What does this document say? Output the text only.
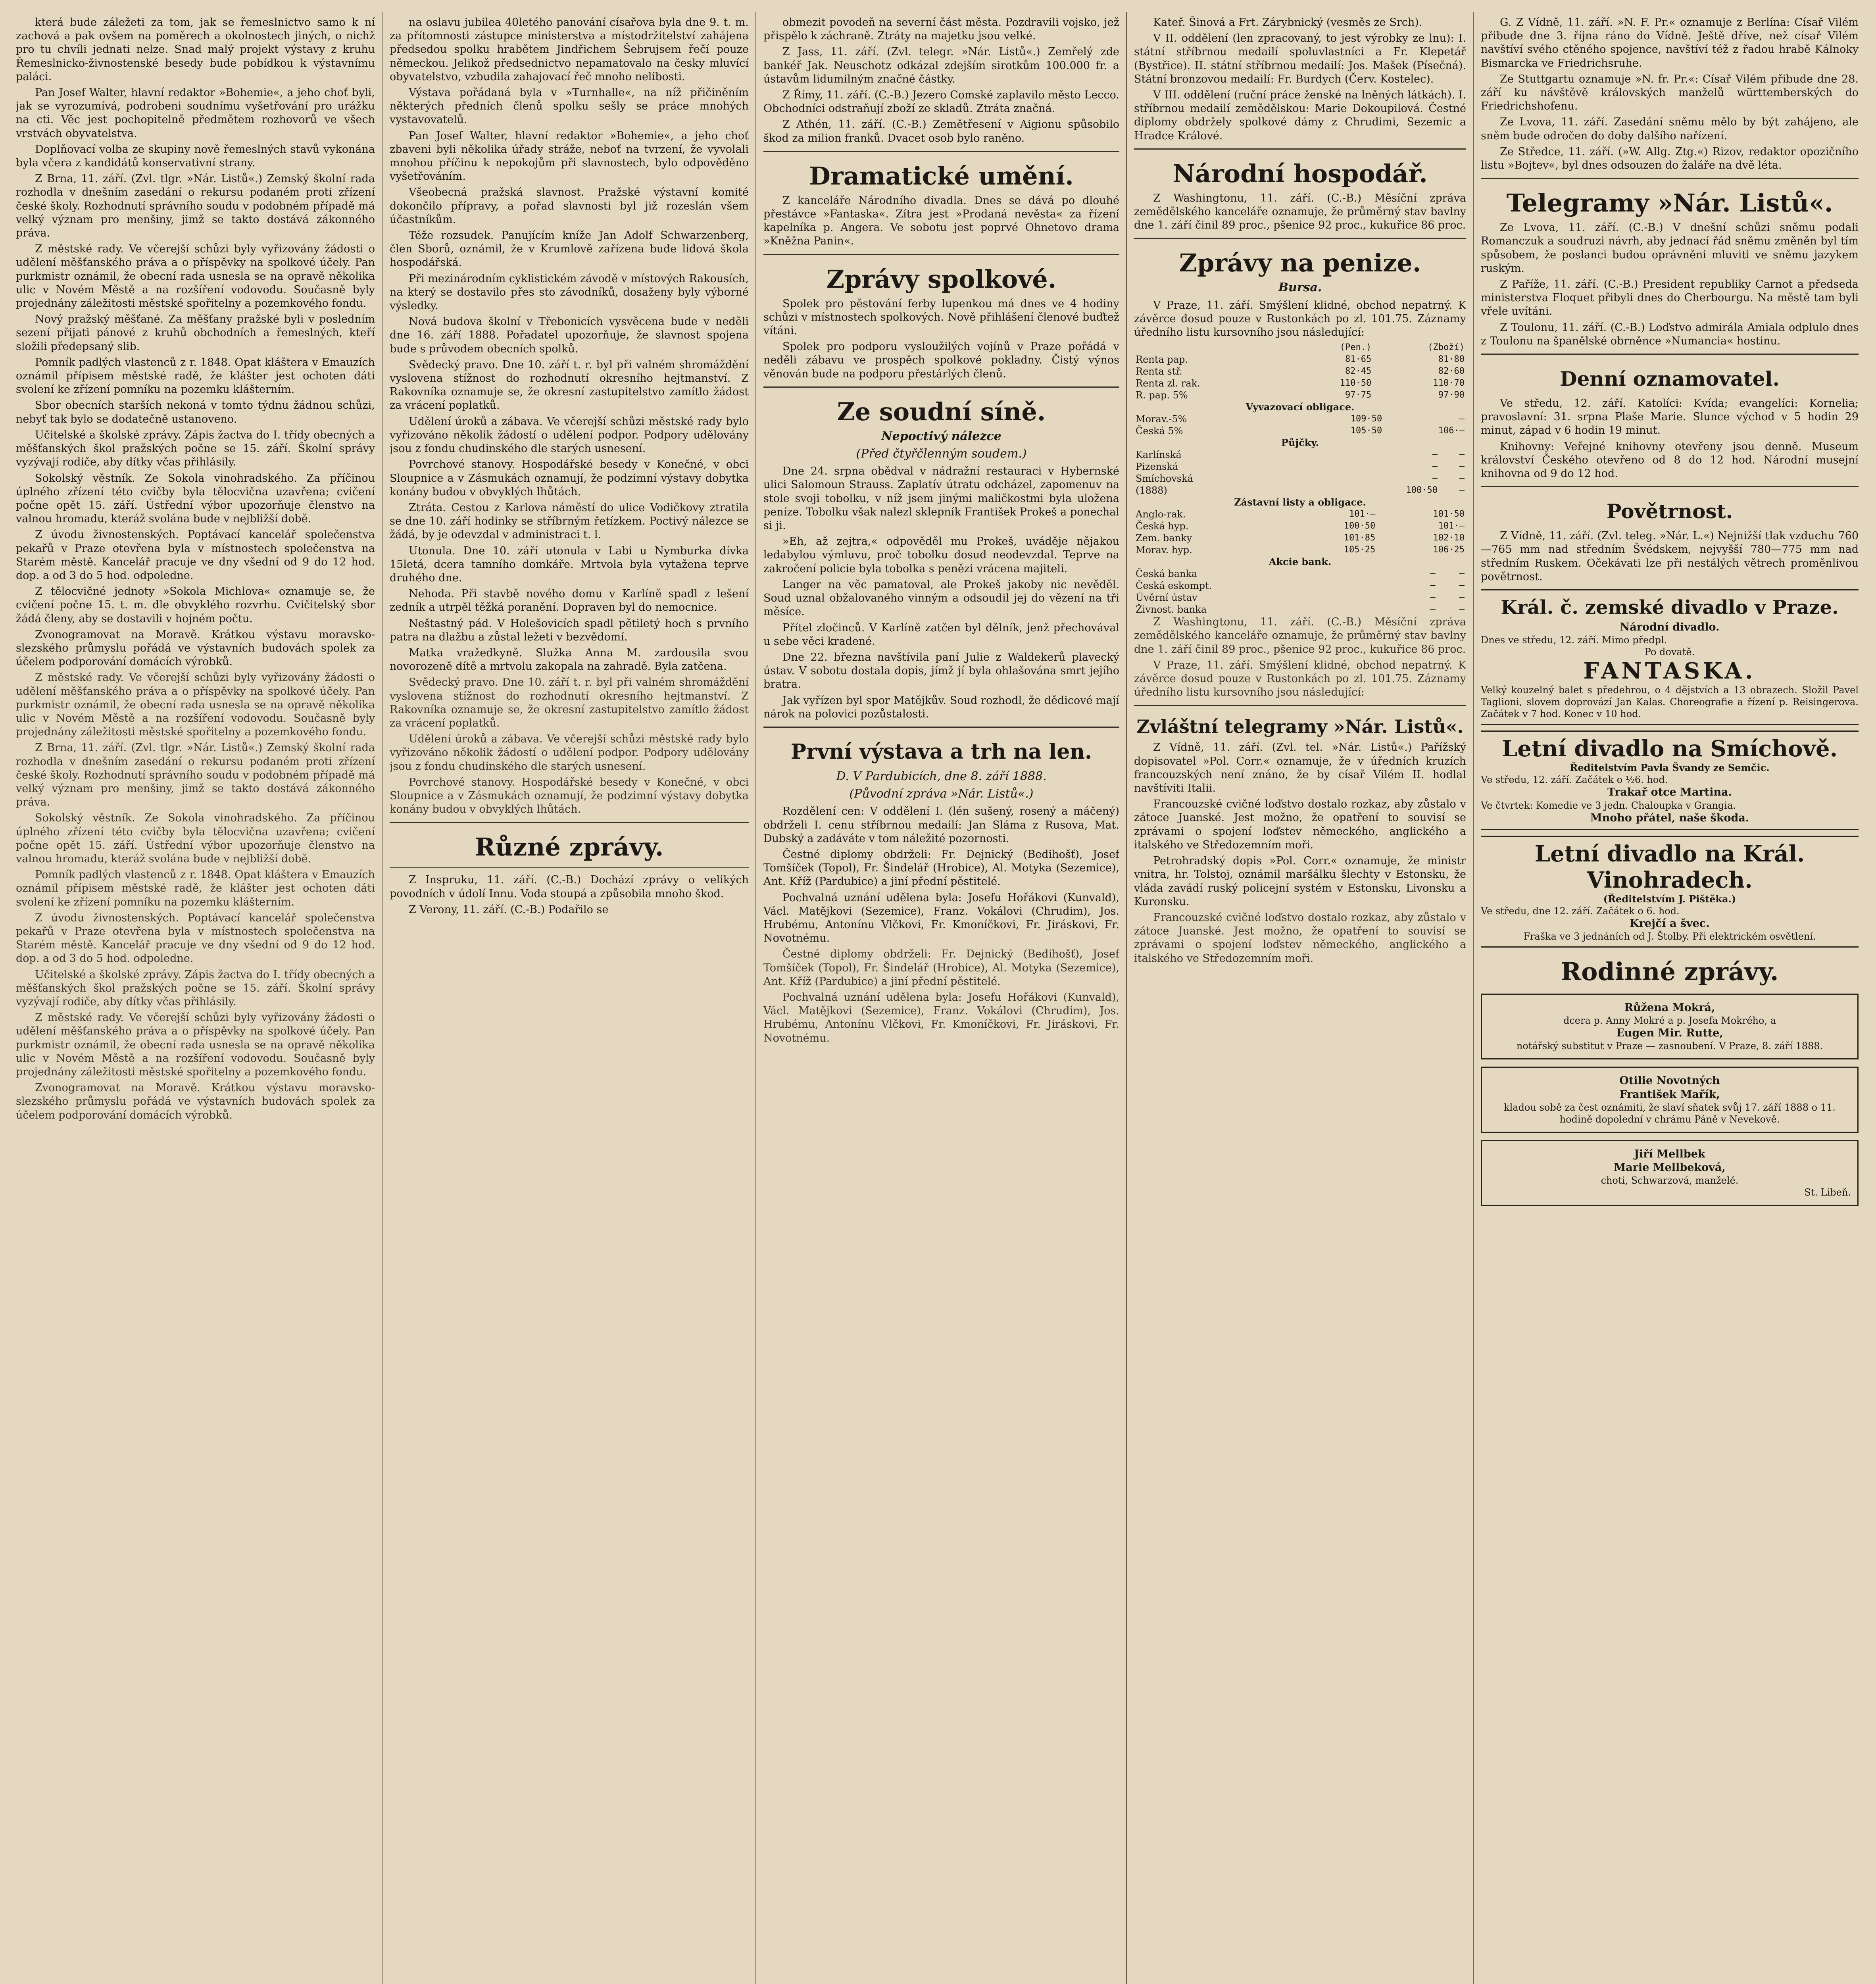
která bude záležeti za tom, jak se řemeslnictvo samo k ní zachová a pak ovšem na poměrech a okolnostech jiných, o nichž pro tu chvíli jednati nelze. Snad malý projekt výstavy z kruhu Řemeslnicko-živnostenské besedy bude pobídkou k výstavnímu paláci.

Pan Josef Walter, hlavní redaktor »Bohemie«, a jeho choť byli, jak se vyrozumívá, podrobeni soudnímu vyšetřování pro urážku na cti. Věc jest pochopitelně předmětem rozhovorů ve všech vrstvách obyvatelstva.

Doplňovací volba ze skupiny nově řemeslných stavů vykonána byla včera z kandidátů konservativní strany.

Z Brna, 11. září. (Zvl. tlgr. »Nár. Listů«.) Zemský školní rada rozhodla v dnešním zasedání o rekursu podaném proti zřízení české školy. Rozhodnutí správního soudu v podobném případě má velký význam pro menšiny, jimž se takto dostává zákonného práva.

Z městské rady. Ve včerejší schůzi byly vyřizovány žádosti o udělení měšťanského práva a o příspěvky na spolkové účely. Pan purkmistr oznámil, že obecní rada usnesla se na opravě několika ulic v Novém Městě a na rozšíření vodovodu. Současně byly projednány záležitosti městské spořitelny a pozemkového fondu.

Nový pražský měšťané. Za měšťany pražské byli v posledním sezení přijati pánové z kruhů obchodních a řemeslných, kteří složili předepsaný slib.

Pomník padlých vlastenců z r. 1848. Opat kláštera v Emauzích oznámil přípisem městské radě, že klášter jest ochoten dáti svolení ke zřízení pomníku na pozemku klášterním.

Sbor obecních starších nekoná v tomto týdnu žádnou schůzi, nebyť tak bylo se dodatečně ustanoveno.

Učitelské a školské zprávy. Zápis žactva do I. třídy obecných a měšťanských škol pražských počne se 15. září. Školní správy vyzývají rodiče, aby dítky včas přihlásily.

Sokolský věstník. Ze Sokola vinohradského. Za příčinou úplného zřízení této cvičby byla tělocvična uzavřena; cvičení počne opět 15. září. Ústřední výbor upozorňuje členstvo na valnou hromadu, kteráž svolána bude v nejbližší době.

Z úvodu živnostenských. Poptávací kancelář společenstva pekařů v Praze otevřena byla v místnostech společenstva na Starém městě. Kancelář pracuje ve dny všední od 9 do 12 hod. dop. a od 3 do 5 hod. odpoledne.

Z tělocvičné jednoty »Sokola Michlova« oznamuje se, že cvičení počne 15. t. m. dle obvyklého rozvrhu. Cvičitelský sbor žádá členy, aby se dostavili v hojném počtu.

Zvonogramovat na Moravě. Krátkou výstavu moravsko-slezského průmyslu pořádá ve výstavních budovách spolek za účelem podporování domácích výrobků.

Z městské rady. Ve včerejší schůzi byly vyřizovány žádosti o udělení měšťanského práva a o příspěvky na spolkové účely. Pan purkmistr oznámil, že obecní rada usnesla se na opravě několika ulic v Novém Městě a na rozšíření vodovodu. Současně byly projednány záležitosti městské spořitelny a pozemkového fondu.

Z Brna, 11. září. (Zvl. tlgr. »Nár. Listů«.) Zemský školní rada rozhodla v dnešním zasedání o rekursu podaném proti zřízení české školy. Rozhodnutí správního soudu v podobném případě má velký význam pro menšiny, jimž se takto dostává zákonného práva.

Sokolský věstník. Ze Sokola vinohradského. Za příčinou úplného zřízení této cvičby byla tělocvična uzavřena; cvičení počne opět 15. září. Ústřední výbor upozorňuje členstvo na valnou hromadu, kteráž svolána bude v nejbližší době.

Pomník padlých vlastenců z r. 1848. Opat kláštera v Emauzích oznámil přípisem městské radě, že klášter jest ochoten dáti svolení ke zřízení pomníku na pozemku klášterním.

Z úvodu živnostenských. Poptávací kancelář společenstva pekařů v Praze otevřena byla v místnostech společenstva na Starém městě. Kancelář pracuje ve dny všední od 9 do 12 hod. dop. a od 3 do 5 hod. odpoledne.

Učitelské a školské zprávy. Zápis žactva do I. třídy obecných a měšťanských škol pražských počne se 15. září. Školní správy vyzývají rodiče, aby dítky včas přihlásily.

Z městské rady. Ve včerejší schůzi byly vyřizovány žádosti o udělení měšťanského práva a o příspěvky na spolkové účely. Pan purkmistr oznámil, že obecní rada usnesla se na opravě několika ulic v Novém Městě a na rozšíření vodovodu. Současně byly projednány záležitosti městské spořitelny a pozemkového fondu.

Zvonogramovat na Moravě. Krátkou výstavu moravsko-slezského průmyslu pořádá ve výstavních budovách spolek za účelem podporování domácích výrobků.

na oslavu jubilea 40letého panování císařova byla dne 9. t. m. za přítomnosti zástupce ministerstva a místodržitelství zahájena předsedou spolku hrabětem Jindřichem Šebrujsem řečí pouze německou. Jelikož předsednictvo nepamatovalo na česky mluvící obyvatelstvo, vzbudila zahajovací řeč mnoho nelibosti.

Výstava pořádaná byla v »Turnhalle«, na níž přičiněním některých předních členů spolku sešly se práce mnohých vystavovatelů.

Pan Josef Walter, hlavní redaktor »Bohemie«, a jeho choť zbaveni byli několika úřady stráže, neboť na tvrzení, že vyvolali mnohou příčinu k nepokojům při slavnostech, bylo odpověděno vyšetřováním.

Všeobecná pražská slavnost. Pražské výstavní komité dokončilo přípravy, a pořad slavnosti byl již rozeslán všem účastníkům.

Téže rozsudek. Panujícím kníže Jan Adolf Schwarzenberg, člen Sborů, oznámil, že v Krumlově zařízena bude lidová škola hospodářská.

Při mezinárodním cyklistickém závodě v místových Rakousích, na který se dostavilo přes sto závodníků, dosaženy byly výborné výsledky.

Nová budova školní v Třebonicích vysvěcena bude v neděli dne 16. září 1888. Pořadatel upozorňuje, že slavnost spojena bude s průvodem obecních spolků.

Svědecký pravo. Dne 10. září t. r. byl při valném shromáždění vyslovena stížnost do rozhodnutí okresního hejtmanství. Z Rakovníka oznamuje se, že okresní zastupitelstvo zamítlo žádost za vrácení poplatků.

Udělení úroků a zábava. Ve včerejší schůzi městské rady bylo vyřizováno několik žádostí o udělení podpor. Podpory udělovány jsou z fondu chudinského dle starých usnesení.

Povrchové stanovy. Hospodářské besedy v Konečné, v obci Sloupnice a v Zásmukách oznamují, že podzimní výstavy dobytka konány budou v obvyklých lhůtách.

Ztráta. Cestou z Karlova náměstí do ulice Vodičkovy ztratila se dne 10. září hodinky se stříbrným řetízkem. Poctivý nálezce se žádá, by je odevzdal v administraci t. l.

Utonula. Dne 10. září utonula v Labi u Nymburka dívka 15letá, dcera tamního domkáře. Mrtvola byla vytažena teprve druhého dne.

Nehoda. Při stavbě nového domu v Karlíně spadl z lešení zedník a utrpěl těžká poranění. Dopraven byl do nemocnice.

Neštastný pád. V Holešovicích spadl pětiletý hoch s prvního patra na dlažbu a zůstal ležeti v bezvědomí.

Matka vražedkyně. Služka Anna M. zardousila svou novorozeně dítě a mrtvolu zakopala na zahradě. Byla zatčena.

Svědecký pravo. Dne 10. září t. r. byl při valném shromáždění vyslovena stížnost do rozhodnutí okresního hejtmanství. Z Rakovníka oznamuje se, že okresní zastupitelstvo zamítlo žádost za vrácení poplatků.

Udělení úroků a zábava. Ve včerejší schůzi městské rady bylo vyřizováno několik žádostí o udělení podpor. Podpory udělovány jsou z fondu chudinského dle starých usnesení.

Povrchové stanovy. Hospodářské besedy v Konečné, v obci Sloupnice a v Zásmukách oznamují, že podzimní výstavy dobytka konány budou v obvyklých lhůtách.

Různé zprávy.

Z Inspruku, 11. září. (C.-B.) Dochází zprávy o velikých povodních v údolí Innu. Voda stoupá a způsobila mnoho škod.

Z Verony, 11. září. (C.-B.) Podařilo se

obmezit povodeň na severní část města. Pozdravili vojsko, jež přispělo k záchraně. Ztráty na majetku jsou velké.

Z Jass, 11. září. (Zvl. telegr. »Nár. Listů«.) Zemřelý zde bankéř Jak. Neuschotz odkázal zdejším sirotkům 100.000 fr. a ústavům lidumilným značné částky.

Z Římy, 11. září. (C.-B.) Jezero Comské zaplavilo město Lecco. Obchodníci odstraňují zboží ze skladů. Ztráta značná.

Z Athén, 11. září. (C.-B.) Zemětřesení v Aigionu spůsobilo škod za milion franků. Dvacet osob bylo raněno.

Dramatické umění.

Z kanceláře Národního divadla. Dnes se dává po dlouhé přestávce »Fantaska«. Zítra jest »Prodaná nevěsta« za řízení kapelníka p. Angera. Ve sobotu jest poprvé Ohnetovo drama »Kněžna Panin«.

Zprávy spolkové.

Spolek pro pěstování ferby lupenkou má dnes ve 4 hodiny schůzi v místnostech spolkových. Nově přihlášení členové buďtež vítáni.

Spolek pro podporu vysloužilých vojínů v Praze pořádá v neděli zábavu ve prospěch spolkové pokladny. Čistý výnos věnován bude na podporu přestárlých členů.

Ze soudní síně.
Nepoctivý nálezce
(Před čtyřčlenným soudem.)

Dne 24. srpna obědval v nádražní restauraci v Hybernské ulici Salomoun Strauss. Zaplatív útratu odcházel, zapomenuv na stole svoji tobolku, v níž jsem jinými maličkostmi byla uložena peníze. Tobolku však nalezl sklepník František Prokeš a ponechal si ji.

»Eh, až zejtra,« odpověděl mu Prokeš, uváděje nějakou ledabylou výmluvu, proč tobolku dosud neodevzdal. Teprve na zakročení policie byla tobolka s penězi vrácena majiteli.

Langer na věc pamatoval, ale Prokeš jakoby nic nevěděl. Soud uznal obžalovaného vinným a odsoudil jej do vězení na tři měsíce.

Přítel zločinců. V Karlíně zatčen byl dělník, jenž přechovával u sebe věci kradené.

Dne 22. března navštívila paní Julie z Waldekerů plavecký ústav. V sobotu dostala dopis, jímž jí byla ohlašována smrt jejího bratra.

Jak vyřízen byl spor Matějkův. Soud rozhodl, že dědicové mají nárok na polovici pozůstalosti.

První výstava a trh na len.
D. V Pardubicích, dne 8. září 1888.
(Původní zpráva »Nár. Listů«.)

Rozdělení cen: V oddělení I. (lén sušený, rosený a máčený) obdrželi I. cenu stříbrnou medailí: Jan Sláma z Rusova, Mat. Dubský a zadáváte v tom náležité pozornosti.

Čestné diplomy obdrželi: Fr. Dejnický (Bedihošť), Josef Tomšíček (Topol), Fr. Šindelář (Hrobice), Al. Motyka (Sezemice), Ant. Kříž (Pardubice) a jiní přední pěstitelé.

Pochvalná uznání udělena byla: Josefu Hořákovi (Kunvald), Václ. Matějkovi (Sezemice), Franz. Vokálovi (Chrudim), Jos. Hrubému, Antonínu Vlčkovi, Fr. Kmoníčkovi, Fr. Jiráskovi, Fr. Novotnému.

Čestné diplomy obdrželi: Fr. Dejnický (Bedihošť), Josef Tomšíček (Topol), Fr. Šindelář (Hrobice), Al. Motyka (Sezemice), Ant. Kříž (Pardubice) a jiní přední pěstitelé.

Pochvalná uznání udělena byla: Josefu Hořákovi (Kunvald), Václ. Matějkovi (Sezemice), Franz. Vokálovi (Chrudim), Jos. Hrubému, Antonínu Vlčkovi, Fr. Kmoníčkovi, Fr. Jiráskovi, Fr. Novotnému.

Kateř. Šinová a Frt. Zárybnický (vesměs ze Srch).

V II. oddělení (len zpracovaný, to jest výrobky ze lnu): I. státní stříbrnou medailí spoluvlastníci a Fr. Klepetář (Bystřice). II. státní stříbrnou medailí: Jos. Mašek (Písečná). Státní bronzovou medailí: Fr. Burdych (Červ. Kostelec).

V III. oddělení (ruční práce ženské na lněných látkách). I. stříbrnou medailí zemědělskou: Marie Dokoupilová. Čestné diplomy obdržely spolkové dámy z Chrudimi, Sezemic a Hradce Králové.

Národní hospodář.

Z Washingtonu, 11. září. (C.-B.) Měsíční zpráva zemědělského kanceláře oznamuje, že průměrný stav bavlny dne 1. září činil 89 proc., pšenice 92 proc., kukuřice 86 proc.

Zprávy na penize.
Bursa.

V Praze, 11. září. Smýšlení klidné, obchod nepatrný. K závěrce dosud pouze v Rustonkách po zl. 101.75. Záznamy úředního listu kursovního jsou následující:

	(Pen.)	(Zboží)
Renta pap.	81·65	81·80
Renta stř.	82·45	82·60
Renta zl. rak.	110·50	110·70
R. pap. 5%	97·75	97·90
Vyvazovací obligace.
Morav.-5%	109·50	—
Česká 5%	105·50	106·—
Půjčky.
Karlínská	—	—
Pizenská	—	—
Smíchovská	—	—
(1888)	100·50	—
Zástavní listy a obligace.
Anglo-rak.	101·—	101·50
Česká hyp.	100·50	101·—
Zem. banky	101·85	102·10
Morav. hyp.	105·25	106·25
Akcie bank.
Česká banka	—	—
Česká eskompt.	—	—
Úvěrní ústav	—	—
Živnost. banka	—	—

Z Washingtonu, 11. září. (C.-B.) Měsíční zpráva zemědělského kanceláře oznamuje, že průměrný stav bavlny dne 1. září činil 89 proc., pšenice 92 proc., kukuřice 86 proc.

V Praze, 11. září. Smýšlení klidné, obchod nepatrný. K závěrce dosud pouze v Rustonkách po zl. 101.75. Záznamy úředního listu kursovního jsou následující:

Zvláštní telegramy »Nár. Listů«.

Z Vídně, 11. září. (Zvl. tel. »Nár. Listů«.) Pařížský dopisovatel »Pol. Corr.« oznamuje, že v úředních kruzích francouzských není znáno, že by císař Vilém II. hodlal navštíviti Italii.

Francouzské cvičné loďstvo dostalo rozkaz, aby zůstalo v zátoce Juanské. Jest možno, že opatření to souvisí se zprávami o spojení loďstev německého, anglického a italského ve Středozemním moři.

Petrohradský dopis »Pol. Corr.« oznamuje, že ministr vnitra, hr. Tolstoj, oznámil maršálku šlechty v Estonsku, že vláda zavádí ruský policejní systém v Estonsku, Livonsku a Kuronsku.

Francouzské cvičné loďstvo dostalo rozkaz, aby zůstalo v zátoce Juanské. Jest možno, že opatření to souvisí se zprávami o spojení loďstev německého, anglického a italského ve Středozemním moři.

G. Z Vídně, 11. září. »N. F. Pr.« oznamuje z Berlína: Císař Vilém přibude dne 3. října ráno do Vídně. Ještě dříve, než císař Vilém navštíví svého ctěného spojence, navštíví též z řadou hrabě Kálnoky Bismarcka ve Friedrichsruhe.

Ze Stuttgartu oznamuje »N. fr. Pr.«: Císař Vilém přibude dne 28. září ku návštěvě královských manželů württemberských do Friedrichshofenu.

Ze Lvova, 11. září. Zasedání sněmu mělo by být zahájeno, ale sněm bude odročen do doby dalšího nařízení.

Ze Středce, 11. září. (»W. Allg. Ztg.«) Rizov, redaktor opozičního listu »Bojtev«, byl dnes odsouzen do žaláře na dvě léta.

Telegramy »Nár. Listů«.

Ze Lvova, 11. září. (C.-B.) V dnešní schůzi sněmu podali Romanczuk a soudruzi návrh, aby jednací řád sněmu změněn byl tím spůsobem, že poslanci budou oprávněni mluviti ve sněmu jazykem ruským.

Z Paříže, 11. září. (C.-B.) President republiky Carnot a předseda ministerstva Floquet přibyli dnes do Cherbourgu. Na městě tam byli vřele uvítáni.

Z Toulonu, 11. září. (C.-B.) Loďstvo admirála Amiala odplulo dnes z Toulonu na španělské obrněnce »Numancia« hostinu.

Denní oznamovatel.

Ve středu, 12. září. Katolíci: Kvída; evangelíci: Kornelia; pravoslavní: 31. srpna Plaše Marie. Slunce východ v 5 hodin 29 minut, západ v 6 hodin 19 minut.

Knihovny: Veřejné knihovny otevřeny jsou denně. Museum království Českého otevřeno od 8 do 12 hod. Národní musejní knihovna od 9 do 12 hod.

Povětrnost.

Z Vídně, 11. září. (Zvl. teleg. »Nár. L.«) Nejnižší tlak vzduchu 760—765 mm nad středním Švédskem, nejvyšší 780—775 mm nad středním Ruskem. Očekávati lze při nestálých větrech proměnlivou povětrnost.

Král. č. zemské divadlo v Praze.
Národní divadlo.
Dnes ve středu, 12. září. Mimo předpl.
Po dovatě.
FANTASKA.
Velký kouzelný balet s předehrou, o 4 dějstvích a 13 obrazech. Složil Pavel Taglioni, slovem doprovází Jan Kalas. Choreografie a řízení p. Reisingerova. Začátek v 7 hod. Konec v 10 hod.
Letní divadlo na Smíchově.
Ředitelstvím Pavla Švandy ze Semčic.
Ve středu, 12. září. Začátek o ½6. hod.
Trakař otce Martina.
Ve čtvrtek: Komedie ve 3 jedn. Chaloupka v Grangia.
Mnoho přátel, naše škoda.
Letní divadlo na Král. Vinohradech.
(Ředitelstvím J. Pištěka.)
Ve středu, dne 12. září. Začátek o 6. hod.
Krejčí a švec.
Fraška ve 3 jednáních od J. Štolby. Při elektrickém osvětlení.
Rodinné zprávy.
Růžena Mokrá,
dcera p. Anny Mokré a p. Josefa Mokrého, a
Eugen Mir. Rutte,
notářský substitut v Praze — zasnoubení. V Praze, 8. září 1888.
Otilie Novotných
František Mařík,
kladou sobě za čest oznámiti, že slaví sňatek svůj 17. září 1888 o 11. hodině dopolední v chrámu Páně v Nevekově.
Jiří Mellbek
Marie Mellbeková,
choti, Schwarzová, manželé.
St. Libeň.
